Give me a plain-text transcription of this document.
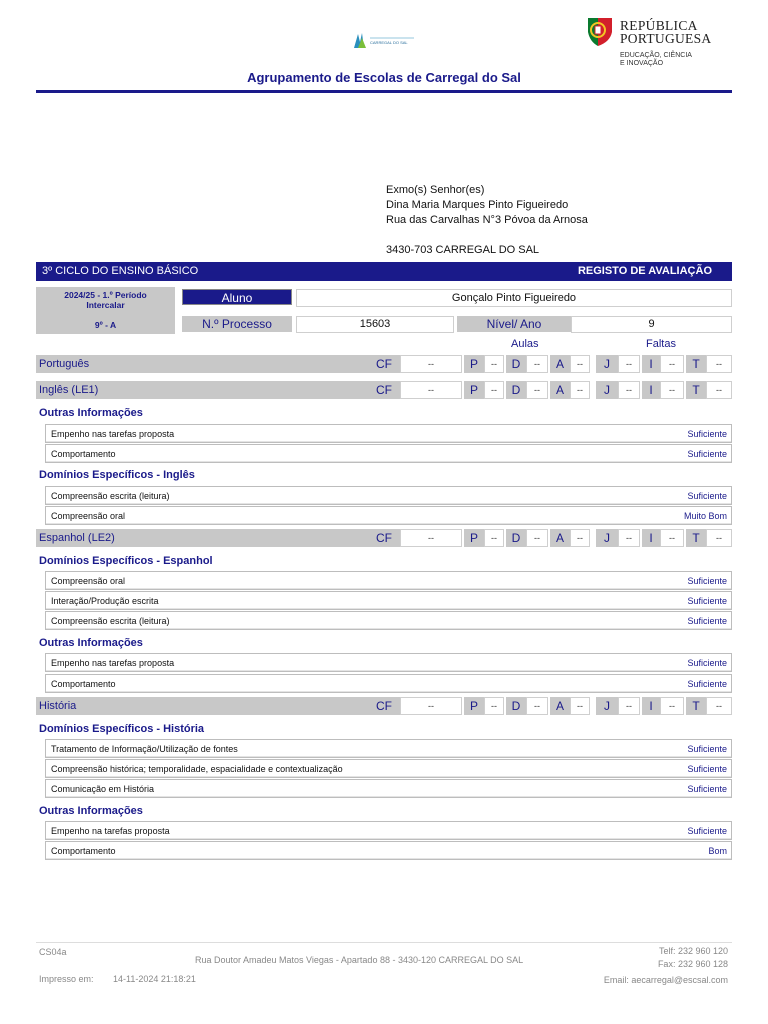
CARREGAL DO SAL
REPÚBLICA
PORTUGUESA
EDUCAÇÃO, CIÊNCIA
E INOVAÇÃO
Agrupamento de Escolas de Carregal do Sal
Exmo(s) Senhor(es)
Dina Maria Marques Pinto Figueiredo
Rua das Carvalhas N°3 Póvoa da Arnosa
3430-703 CARREGAL DO SAL
3º CICLO DO ENSINO BÁSICO	REGISTO DE AVALIAÇÃO
2024/25 - 1.º Período
Intercalar
9º - A
Aluno	Gonçalo Pinto Figueiredo
N.º Processo	15603	Nível/ Ano	9
Aulas	Faltas
Português	CF	--	P	--	D	--	A	--	J	--	I	--	T	--
Inglês (LE1)	CF	--	P	--	D	--	A	--	J	--	I	--	T	--
Outras Informações
Empenho nas tarefas proposta	Suficiente
Comportamento	Suficiente
Domínios Específicos - Inglês
Compreensão escrita (leitura)	Suficiente
Compreensão oral	Muito Bom
Espanhol (LE2)	CF	--	P	--	D	--	A	--	J	--	I	--	T	--
Domínios Específicos - Espanhol
Compreensão oral	Suficiente
Interação/Produção escrita	Suficiente
Compreensão escrita (leitura)	Suficiente
Outras Informações
Empenho nas tarefas proposta	Suficiente
Comportamento	Suficiente
História	CF	--	P	--	D	--	A	--	J	--	I	--	T	--
Domínios Específicos - História
Tratamento de Informação/Utilização de fontes	Suficiente
Compreensão histórica; temporalidade, espacialidade e contextualização	Suficiente
Comunicação em História	Suficiente
Outras Informações
Empenho na tarefas proposta	Suficiente
Comportamento	Bom
CS04a
Rua Doutor Amadeu Matos Viegas - Apartado 88 - 3430-120 CARREGAL DO SAL
Impresso em: 14-11-2024 21:18:21
Telf: 232 960 120
Fax: 232 960 128
Email: aecarregal@escsal.com
